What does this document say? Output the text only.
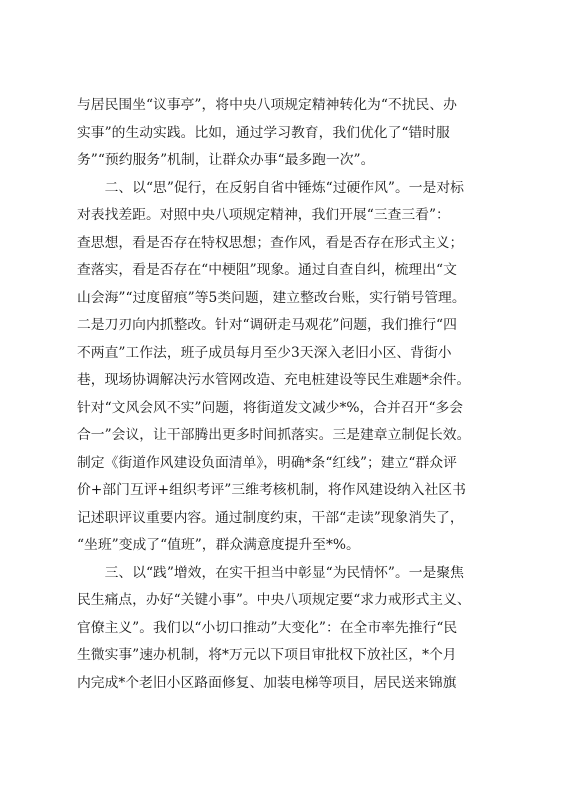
与居民围坐“议事亭”，将中央八项规定精神转化为“不扰民、办
实事”的生动实践。比如，通过学习教育，我们优化了“错时服
务”“预约服务”机制，让群众办事“最多跑一次”。
　　二、以“思”促行，在反躬自省中锤炼“过硬作风”。一是对标
对表找差距。对照中央八项规定精神，我们开展“三查三看”：
查思想，看是否存在特权思想；查作风，看是否存在形式主义；
查落实，看是否存在“中梗阻”现象。通过自查自纠，梳理出“文
山会海”“过度留痕”等5类问题，建立整改台账，实行销号管理。
二是刀刃向内抓整改。针对“调研走马观花”问题，我们推行“四
不两直”工作法，班子成员每月至少3天深入老旧小区、背街小
巷，现场协调解决污水管网改造、充电桩建设等民生难题*余件。
针对“文风会风不实”问题，将街道发文减少*%，合并召开“多会
合一”会议，让干部腾出更多时间抓落实。三是建章立制促长效。
制定《街道作风建设负面清单》，明确*条“红线”；建立“群众评
价+部门互评+组织考评”三维考核机制，将作风建设纳入社区书
记述职评议重要内容。通过制度约束，干部“走读”现象消失了，
“坐班”变成了“值班”，群众满意度提升至*%。
　　三、以“践”增效，在实干担当中彰显“为民情怀”。一是聚焦
民生痛点，办好“关键小事”。中央八项规定要“求力戒形式主义、
官僚主义”。我们以“小切口推动”大变化”：在全市率先推行“民
生微实事”速办机制，将*万元以下项目审批权下放社区，*个月
内完成*个老旧小区路面修复、加装电梯等项目，居民送来锦旗
